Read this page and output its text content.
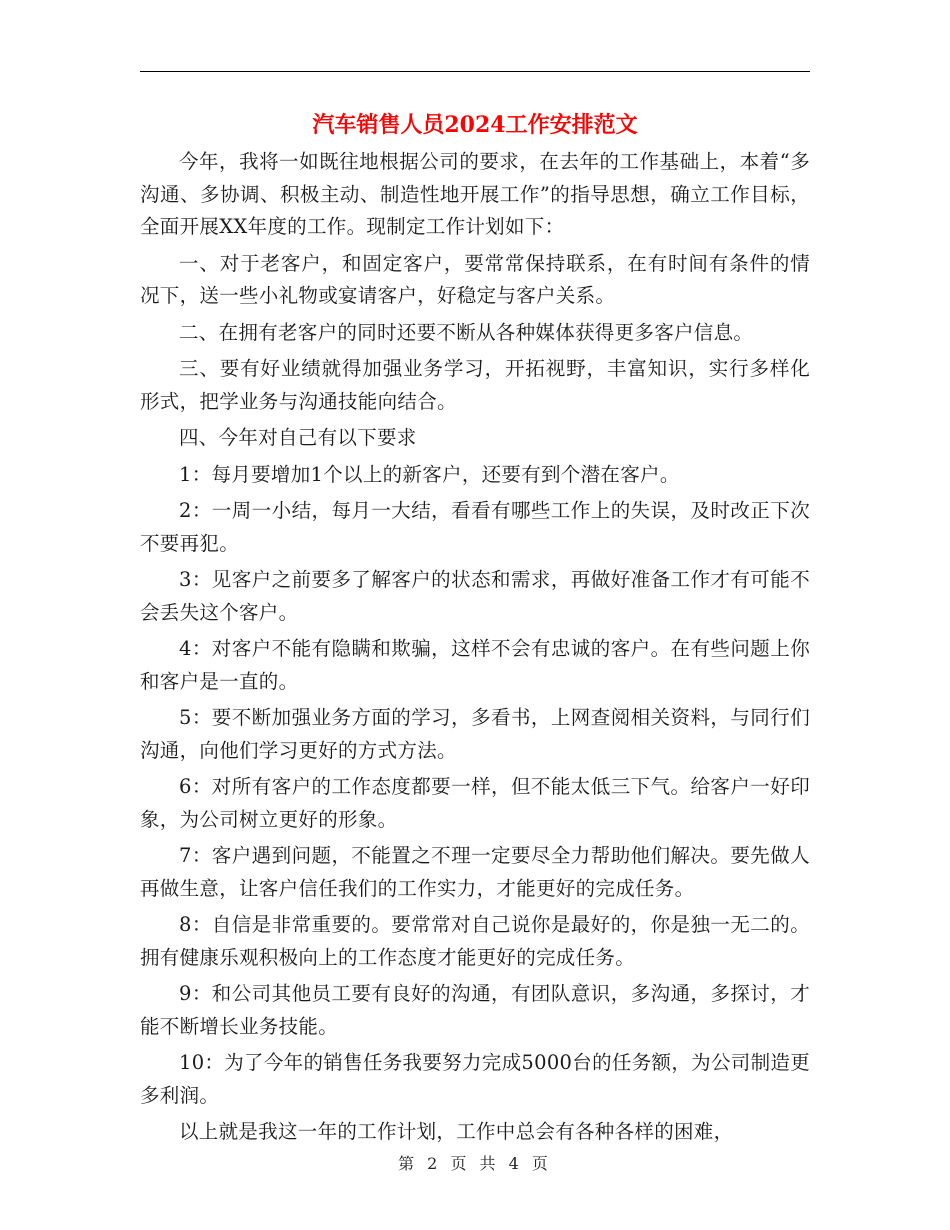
汽车销售人员2024工作安排范文

今年，我将一如既往地根据公司的要求，在去年的工作基础上，本着“多沟通、多协调、积极主动、制造性地开展工作”的指导思想，确立工作目标，全面开展XX年度的工作。现制定工作计划如下：

一、对于老客户，和固定客户，要常常保持联系，在有时间有条件的情况下，送一些小礼物或宴请客户，好稳定与客户关系。

二、在拥有老客户的同时还要不断从各种媒体获得更多客户信息。

三、要有好业绩就得加强业务学习，开拓视野，丰富知识，实行多样化形式，把学业务与沟通技能向结合。

四、今年对自己有以下要求

1：每月要增加1个以上的新客户，还要有到个潜在客户。

2：一周一小结，每月一大结，看看有哪些工作上的失误，及时改正下次不要再犯。

3：见客户之前要多了解客户的状态和需求，再做好准备工作才有可能不会丢失这个客户。

4：对客户不能有隐瞒和欺骗，这样不会有忠诚的客户。在有些问题上你和客户是一直的。

5：要不断加强业务方面的学习，多看书，上网查阅相关资料，与同行们沟通，向他们学习更好的方式方法。

6：对所有客户的工作态度都要一样，但不能太低三下气。给客户一好印象，为公司树立更好的形象。

7：客户遇到问题，不能置之不理一定要尽全力帮助他们解决。要先做人再做生意，让客户信任我们的工作实力，才能更好的完成任务。

8：自信是非常重要的。要常常对自己说你是最好的，你是独一无二的。拥有健康乐观积极向上的工作态度才能更好的完成任务。

9：和公司其他员工要有良好的沟通，有团队意识，多沟通，多探讨，才能不断增长业务技能。

10：为了今年的销售任务我要努力完成5000台的任务额，为公司制造更多利润。

以上就是我这一年的工作计划，工作中总会有各种各样的困难，

第 2 页 共 4 页
